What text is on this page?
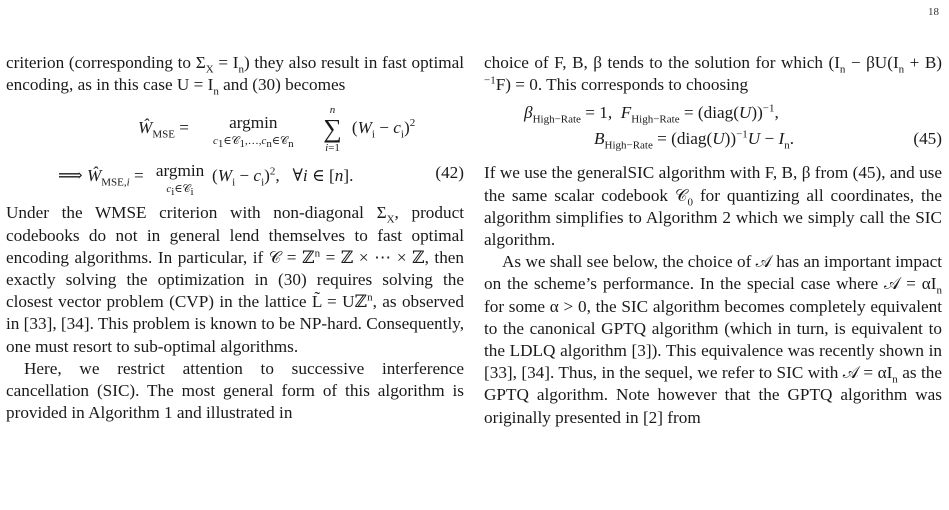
18

criterion (corresponding to $\Sigma_X = I_n$) they also result in fast optimal encoding, as in this case $U = I_n$ and (30) becomes

$Ŵ_{MSE} = argmin$
$c_1\in 𝒞_1,\dots,c_n\in 𝒞_n$

n
∑
i=1
$(W_i - c_i)^2$
⟹ $Ŵ_{MSE,i} = argmin$
$c_i\in 𝒞_i$
$(W_i - c_i)^2$,   ∀i ∈ [n].	(42)

Under the WMSE criterion with non-diagonal $\Sigma_X$, product codebooks do not in general lend themselves to fast optimal encoding algorithms. In particular, if 𝒞 = ℤ$^n$ = ℤ × ⋯ × ℤ, then exactly solving the optimization in (30) requires solving the closest vector problem (CVP) in the lattice L̃ = Uℤ$^n$, as observed in [33], [34]. This problem is known to be NP-hard. Consequently, one must resort to sub-optimal algorithms.

Here, we restrict attention to successive interference cancellation (SIC). The most general form of this algorithm is provided in Algorithm 1 and illustrated in

choice of F, B, β tends to the solution for which $(I_n - \beta U(I_n + B)^{-1}F) = 0$. This corresponds to choosing

$\beta_{High-Rate} = 1$,  $F_{High-Rate}$ = (diag(U))$^{-1}$,
$B_{High-Rate}$ = (diag(U))$^{-1}$U − $I_n$.	(45)

If we use the generalSIC algorithm with F, B, β from (45), and use the same scalar codebook 𝒞$_0$ for quantizing all coordinates, the algorithm simplifies to Algorithm 2 which we simply call the SIC algorithm.

As we shall see below, the choice of 𝒜 has an important impact on the scheme’s performance. In the special case where 𝒜 = $\alpha I_n$ for some α > 0, the SIC algorithm becomes completely equivalent to the canonical GPTQ algorithm (which in turn, is equivalent to the LDLQ algorithm [3]). This equivalence was recently shown in [33], [34]. Thus, in the sequel, we refer to SIC with 𝒜 = $\alpha I_n$ as the GPTQ algorithm. Note however that the GPTQ algorithm was originally presented in [2] from
